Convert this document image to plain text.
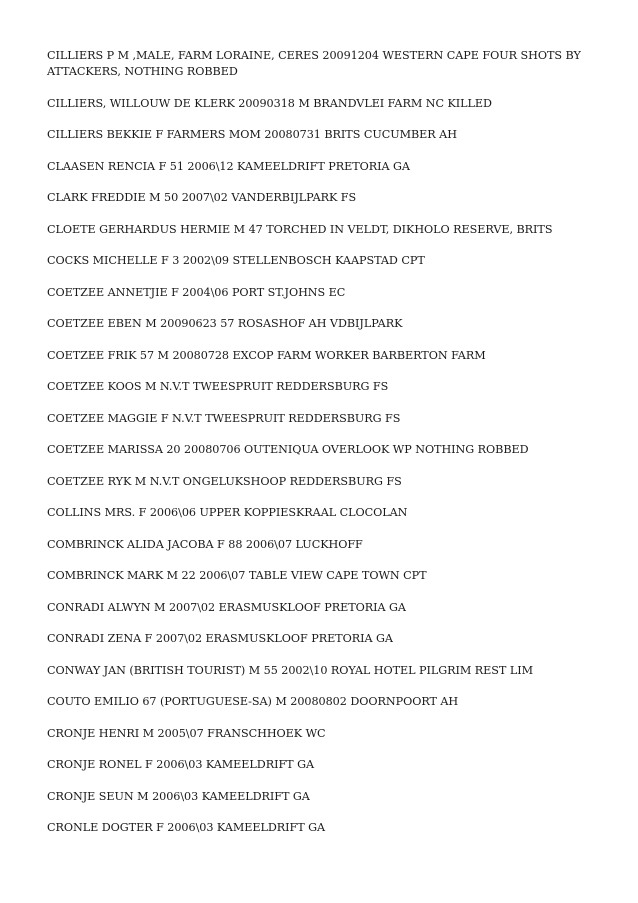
CILLIERS P M ,MALE, FARM LORAINE, CERES 20091204 WESTERN CAPE FOUR SHOTS BY ATTACKERS, NOTHING ROBBED
CILLIERS, WILLOUW DE KLERK 20090318 M BRANDVLEI FARM NC KILLED
CILLIERS BEKKIE F FARMERS MOM 20080731 BRITS CUCUMBER AH
CLAASEN RENCIA F 51 2006\12 KAMEELDRIFT PRETORIA GA
CLARK FREDDIE M 50 2007\02 VANDERBIJLPARK FS
CLOETE GERHARDUS HERMIE M 47 TORCHED IN VELDT, DIKHOLO RESERVE, BRITS
COCKS MICHELLE F 3 2002\09 STELLENBOSCH KAAPSTAD CPT
COETZEE ANNETJIE F 2004\06 PORT ST.JOHNS EC
COETZEE EBEN M 20090623 57 ROSASHOF AH VDBIJLPARK
COETZEE FRIK 57 M 20080728 EXCOP FARM WORKER BARBERTON FARM
COETZEE KOOS M N.V.T TWEESPRUIT REDDERSBURG FS
COETZEE MAGGIE F N.V.T TWEESPRUIT REDDERSBURG FS
COETZEE MARISSA 20 20080706 OUTENIQUA OVERLOOK WP NOTHING ROBBED
COETZEE RYK M N.V.T ONGELUKSHOOP REDDERSBURG FS
COLLINS MRS. F 2006\06 UPPER KOPPIESKRAAL CLOCOLAN
COMBRINCK ALIDA JACOBA F 88 2006\07 LUCKHOFF
COMBRINCK MARK M 22 2006\07 TABLE VIEW CAPE TOWN CPT
CONRADI ALWYN M 2007\02 ERASMUSKLOOF PRETORIA GA
CONRADI ZENA F 2007\02 ERASMUSKLOOF PRETORIA GA
CONWAY JAN (BRITISH TOURIST) M 55 2002\10 ROYAL HOTEL PILGRIM REST LIM
COUTO EMILIO 67 (PORTUGUESE-SA) M 20080802 DOORNPOORT AH
CRONJE HENRI M 2005\07 FRANSCHHOEK WC
CRONJE RONEL F 2006\03 KAMEELDRIFT GA
CRONJE SEUN M 2006\03 KAMEELDRIFT GA
CRONLE DOGTER F 2006\03 KAMEELDRIFT GA
